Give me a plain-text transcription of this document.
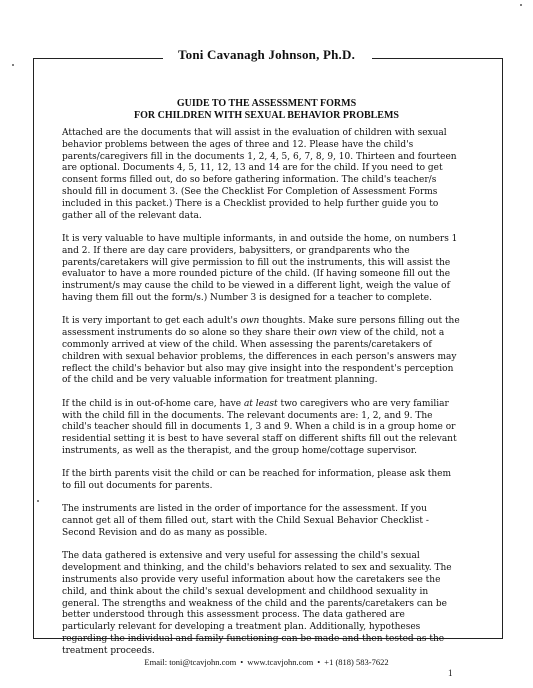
Toni Cavanagh Johnson, Ph.D.
GUIDE TO THE ASSESSMENT FORMS
FOR CHILDREN WITH SEXUAL BEHAVIOR PROBLEMS

Attached are the documents that will assist in the evaluation of children with sexual behavior problems between the ages of three and 12. Please have the child's parents/caregivers fill in the documents 1, 2, 4, 5, 6, 7, 8, 9, 10. Thirteen and fourteen are optional. Documents 4, 5, 11, 12, 13 and 14 are for the child. If you need to get consent forms filled out, do so before gathering information. The child's teacher/s should fill in document 3. (See the Checklist For Completion of Assessment Forms included in this packet.) There is a Checklist provided to help further guide you to gather all of the relevant data.

It is very valuable to have multiple informants, in and outside the home, on numbers 1 and 2. If there are day care providers, babysitters, or grandparents who the parents/caretakers will give permission to fill out the instruments, this will assist the evaluator to have a more rounded picture of the child. (If having someone fill out the instrument/s may cause the child to be viewed in a different light, weigh the value of having them fill out the form/s.) Number 3 is designed for a teacher to complete.

It is very important to get each adult's own thoughts. Make sure persons filling out the assessment instruments do so alone so they share their own view of the child, not a commonly arrived at view of the child. When assessing the parents/caretakers of children with sexual behavior problems, the differences in each person's answers may reflect the child's behavior but also may give insight into the respondent's perception of the child and be very valuable information for treatment planning.

If the child is in out-of-home care, have at least two caregivers who are very familiar with the child fill in the documents. The relevant documents are: 1, 2, and 9. The child's teacher should fill in documents 1, 3 and 9. When a child is in a group home or residential setting it is best to have several staff on different shifts fill out the relevant instruments, as well as the therapist, and the group home/cottage supervisor.

If the birth parents visit the child or can be reached for information, please ask them to fill out documents for parents.

The instruments are listed in the order of importance for the assessment. If you cannot get all of them filled out, start with the Child Sexual Behavior Checklist - Second Revision and do as many as possible.

The data gathered is extensive and very useful for assessing the child's sexual development and thinking, and the child's behaviors related to sex and sexuality. The instruments also provide very useful information about how the caretakers see the child, and think about the child's sexual development and childhood sexuality in general. The strengths and weakness of the child and the parents/caretakers can be better understood through this assessment process. The data gathered are particularly relevant for developing a treatment plan. Additionally, hypotheses regarding the individual and family functioning can be made and then tested as the treatment proceeds.

1
Email: toni@tcavjohn.com • www.tcavjohn.com • +1 (818) 583-7622
